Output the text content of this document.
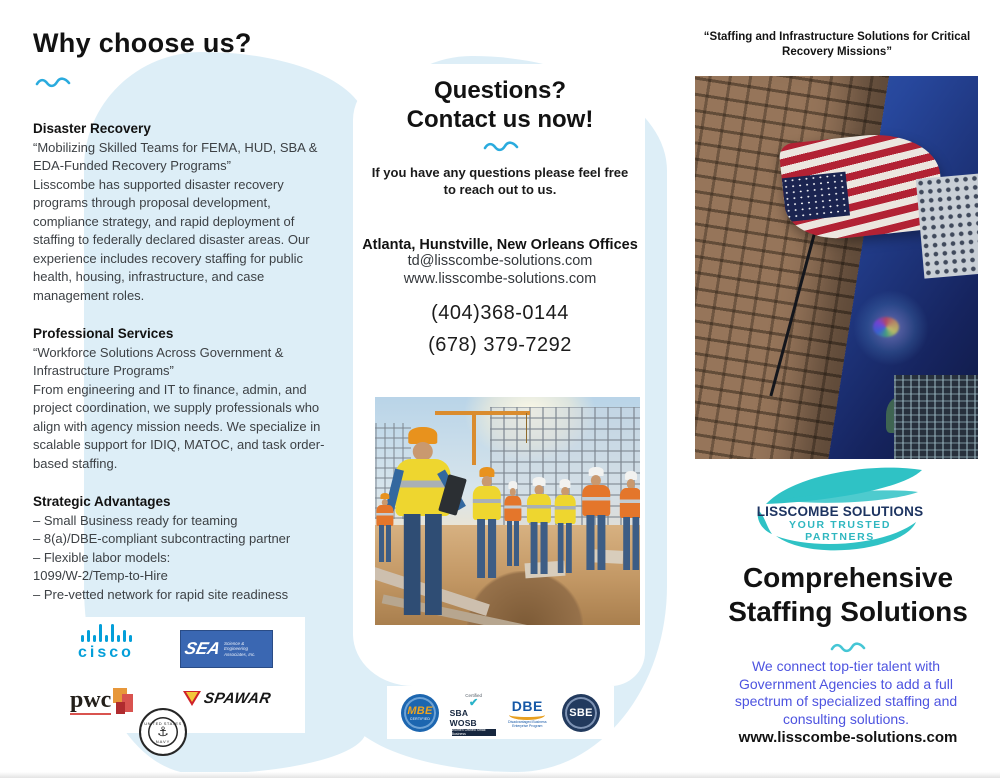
Why choose us?
Disaster Recovery

“Mobilizing Skilled Teams for FEMA, HUD, SBA & EDA-Funded Recovery Programs”

Lisscombe has supported disaster recovery programs through proposal development, compliance strategy, and rapid deployment of staffing to federally declared disaster areas. Our experience includes recovery staffing for public health, housing, infrastructure, and case management roles.

Professional Services

“Workforce Solutions Across Government & Infrastructure Programs”

From engineering and IT to finance, admin, and project coordination, we supply professionals who align with agency mission needs. We specialize in scalable support for IDIQ, MATOC, and task order-based staffing.

Strategic Advantages

– Small Business ready for teaming

– 8(a)/DBE-compliant subcontracting partner

– Flexible labor models:

1099/W-2/Temp-to-Hire

– Pre-vetted network for rapid site readiness

cisco	SEA Science & Engineering
Associates, Inc.
pwc	SPAWAR
UNITED STATES
⚓
NAVY
Questions?
Contact us now!
If you have any questions please feel free to reach out to us.
Atlanta, Hunstville, New Orleans Offices
td@lisscombe-solutions.com
www.lisscombe-solutions.com
(404)368-0144
(678) 379-7292
MBE
CERTIFIED
Certified
✔
SBA WOSB
Women Owned Small Business
DBE
Disadvantaged Business Enterprise Program
SBE
“Staffing and Infrastructure Solutions for Critical Recovery Missions”
LISSCOMBE SOLUTIONS
YOUR TRUSTED PARTNERS
Comprehensive
Staffing Solutions
We connect top-tier talent with Government Agencies to add a full spectrum of specialized staffing and consulting solutions.
www.lisscombe-solutions.com
